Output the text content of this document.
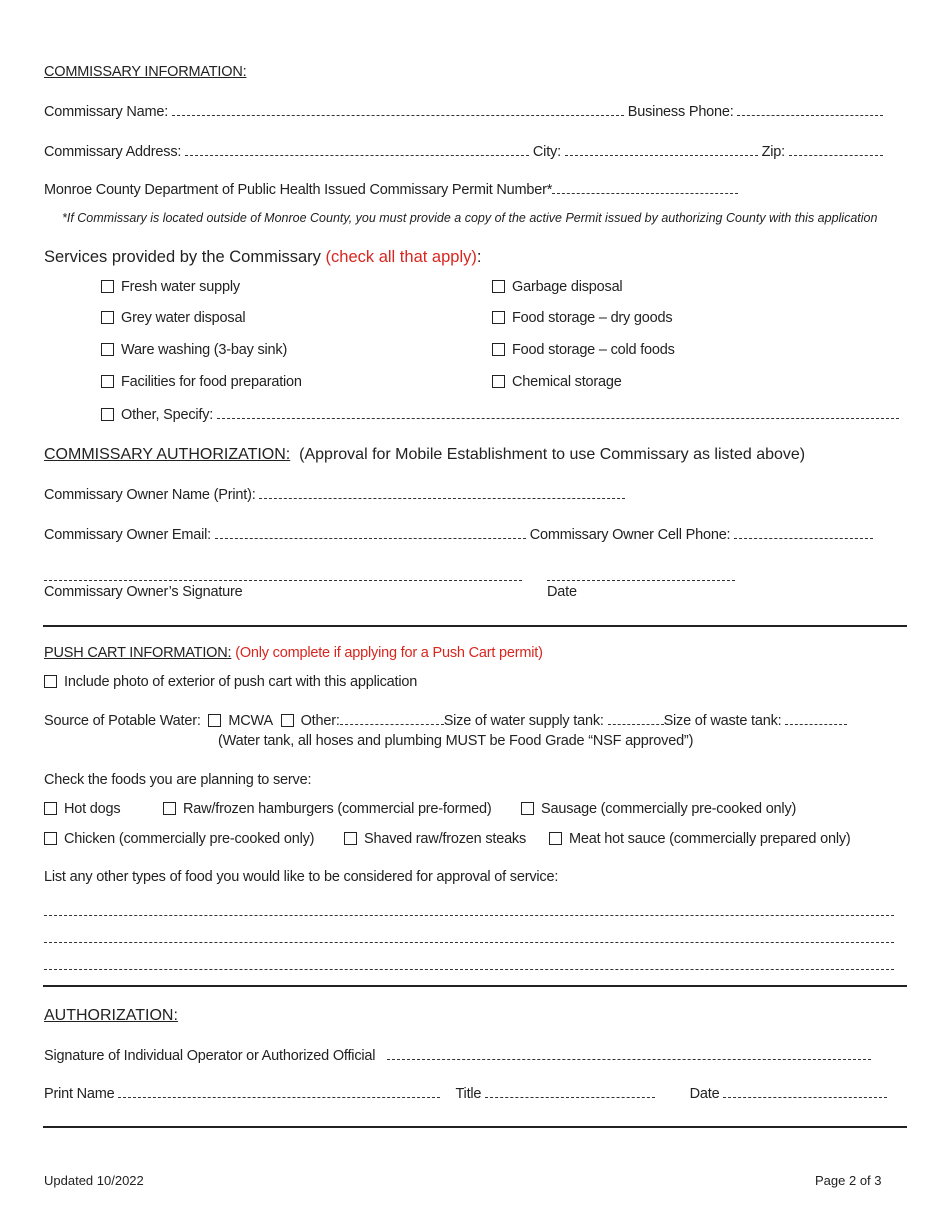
COMMISSARY INFORMATION:
Commissary Name:	Business Phone:
Commissary Address:	City:	Zip:
Monroe County Department of Public Health Issued Commissary Permit Number*
*If Commissary is located outside of Monroe County, you must provide a copy of the active Permit issued by authorizing County with this application
Services provided by the Commissary (check all that apply):
Fresh water supply	Garbage disposal
Grey water disposal	Food storage – dry goods
Ware washing (3-bay sink)	Food storage – cold foods
Facilities for food preparation	Chemical storage
Other, Specify:
COMMISSARY AUTHORIZATION: (Approval for Mobile Establishment to use Commissary as listed above)
Commissary Owner Name (Print):
Commissary Owner Email:	Commissary Owner Cell Phone:
Commissary Owner’s Signature	Date
PUSH CART INFORMATION: (Only complete if applying for a Push Cart permit)
Include photo of exterior of push cart with this application
Source of Potable Water: MCWA Other:	Size of water supply tank:	Size of waste tank:
(Water tank, all hoses and plumbing MUST be Food Grade “NSF approved”)
Check the foods you are planning to serve:
Hot dogs	Raw/frozen hamburgers (commercial pre-formed)	Sausage (commercially pre-cooked only)
Chicken (commercially pre-cooked only)	Shaved raw/frozen steaks	Meat hot sauce (commercially prepared only)
List any other types of food you would like to be considered for approval of service:
AUTHORIZATION:
Signature of Individual Operator or Authorized Official
Print Name	Title	Date
Updated 10/2022	Page 2 of 3
